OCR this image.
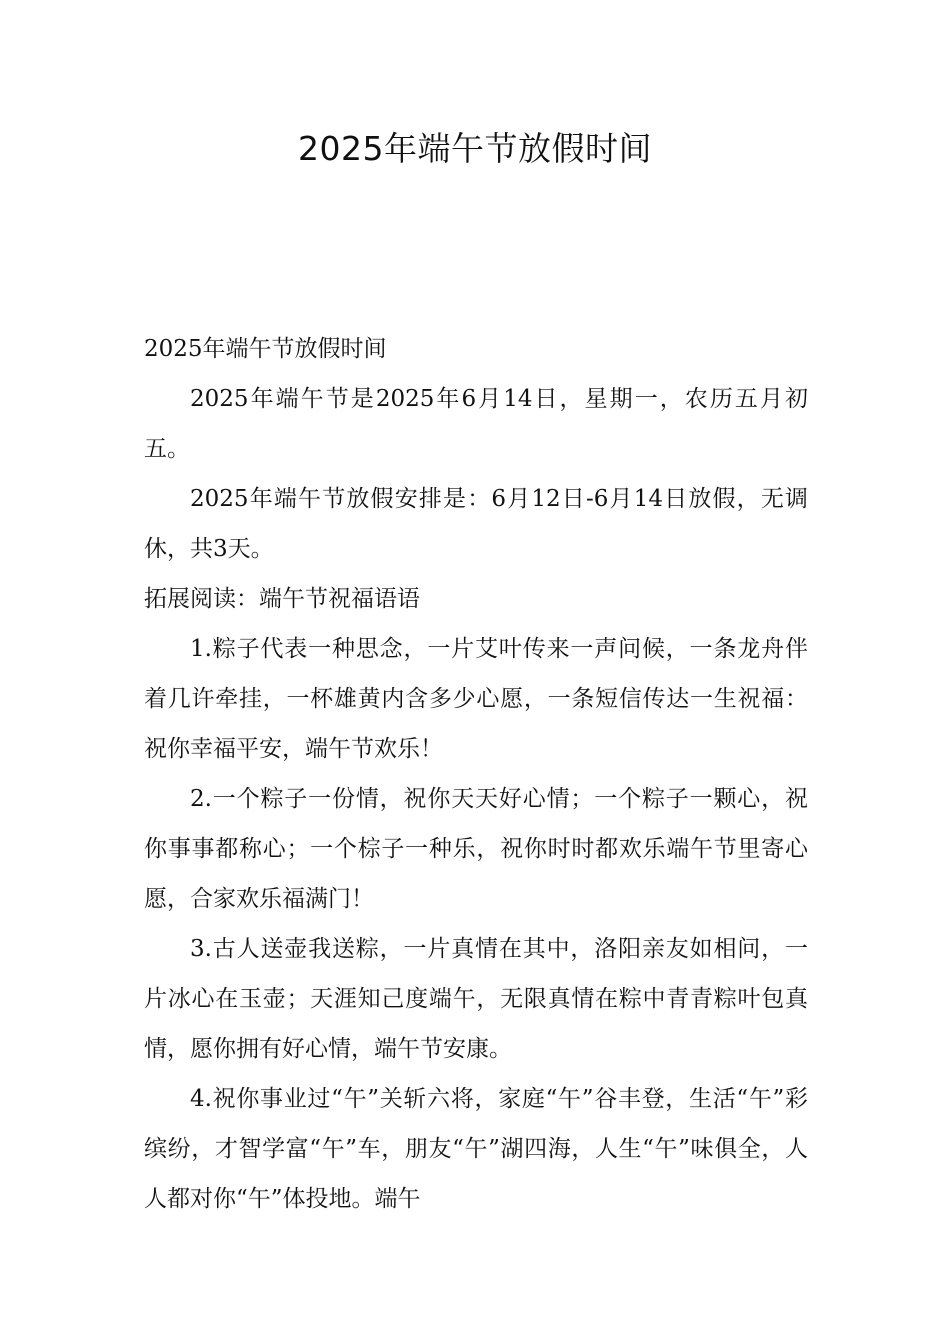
2025年端午节放假时间

2025年端午节放假时间

2025年端午节是2025年6月14日，星期一，农历五月初五。

2025年端午节放假安排是：6月12日-6月14日放假，无调休，共3天。

拓展阅读：端午节祝福语语

1.粽子代表一种思念，一片艾叶传来一声问候，一条龙舟伴着几许牵挂，一杯雄黄内含多少心愿，一条短信传达一生祝福：祝你幸福平安，端午节欢乐！

2.一个粽子一份情，祝你天天好心情；一个粽子一颗心，祝你事事都称心；一个棕子一种乐，祝你时时都欢乐端午节里寄心愿，合家欢乐福满门！

3.古人送壶我送粽，一片真情在其中，洛阳亲友如相问，一片冰心在玉壶；天涯知己度端午，无限真情在粽中青青粽叶包真情，愿你拥有好心情，端午节安康。

4.祝你事业过“午”关斩六将，家庭“午”谷丰登，生活“午”彩缤纷，才智学富“午”车，朋友“午”湖四海，人生“午”味俱全，人人都对你“午”体投地。端午
